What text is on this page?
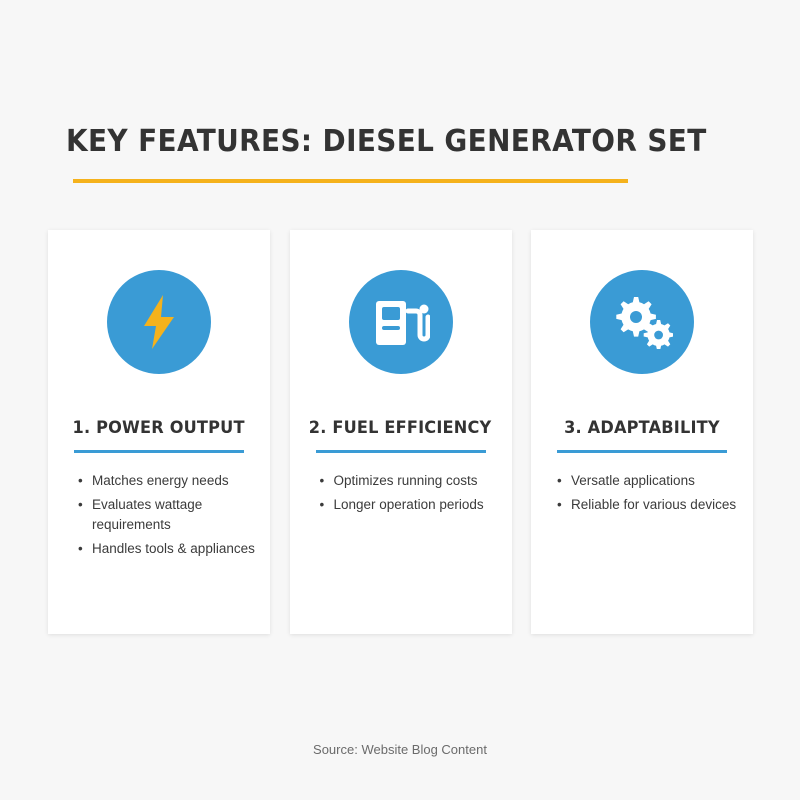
KEY FEATURES: DIESEL GENERATOR SET
1. POWER OUTPUT
• Matches energy needs
• Evaluates wattage requirements
• Handles tools & appliances
2. FUEL EFFICIENCY
• Optimizes running costs
• Longer operation periods
3. ADAPTABILITY
• Versatle applications
• Reliable for various devices
Source: Website Blog Content
